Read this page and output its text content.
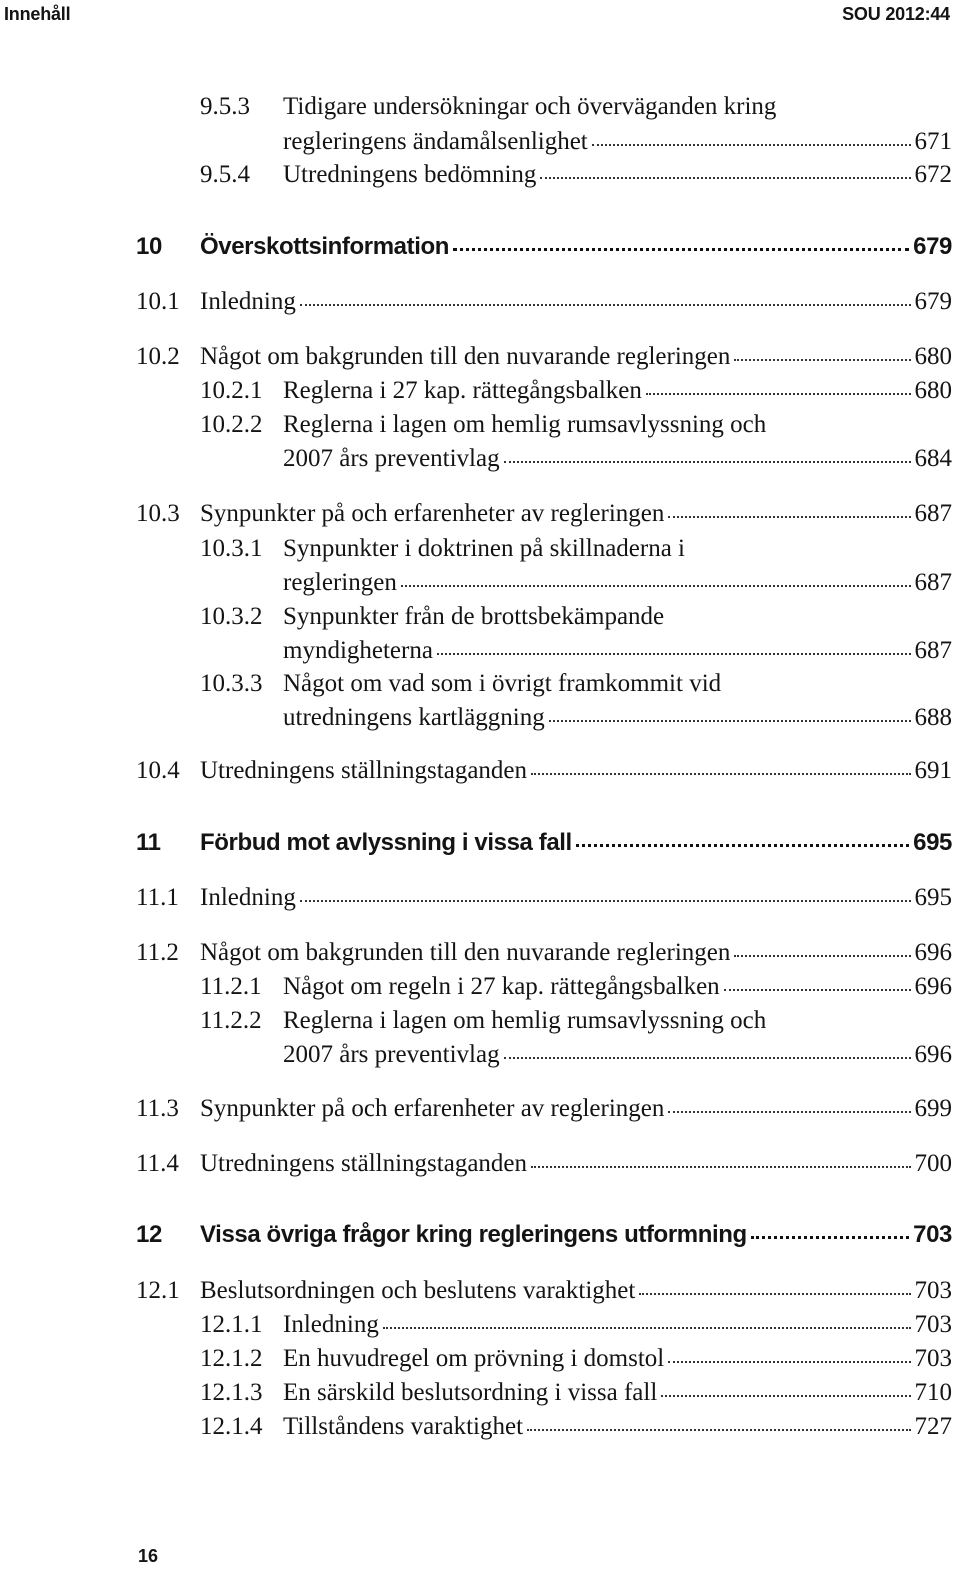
Innehåll	SOU 2012:44
9.5.3 Tidigare undersökningar och överväganden kring
regleringens ändamålsenlighet	671
9.5.4 Utredningens bedömning	672
10 Överskottsinformation	679
10.1 Inledning	679
10.2 Något om bakgrunden till den nuvarande regleringen	680
10.2.1 Reglerna i 27 kap. rättegångsbalken	680
10.2.2 Reglerna i lagen om hemlig rumsavlyssning och
2007 års preventivlag	684
10.3 Synpunkter på och erfarenheter av regleringen	687
10.3.1 Synpunkter i doktrinen på skillnaderna i
regleringen	687
10.3.2 Synpunkter från de brottsbekämpande
myndigheterna	687
10.3.3 Något om vad som i övrigt framkommit vid
utredningens kartläggning	688
10.4 Utredningens ställningstaganden	691
11 Förbud mot avlyssning i vissa fall	695
11.1 Inledning	695
11.2 Något om bakgrunden till den nuvarande regleringen	696
11.2.1 Något om regeln i 27 kap. rättegångsbalken	696
11.2.2 Reglerna i lagen om hemlig rumsavlyssning och
2007 års preventivlag	696
11.3 Synpunkter på och erfarenheter av regleringen	699
11.4 Utredningens ställningstaganden	700
12 Vissa övriga frågor kring regleringens utformning	703
12.1 Beslutsordningen och beslutens varaktighet	703
12.1.1 Inledning	703
12.1.2 En huvudregel om prövning i domstol	703
12.1.3 En särskild beslutsordning i vissa fall	710
12.1.4 Tillståndens varaktighet	727
16
